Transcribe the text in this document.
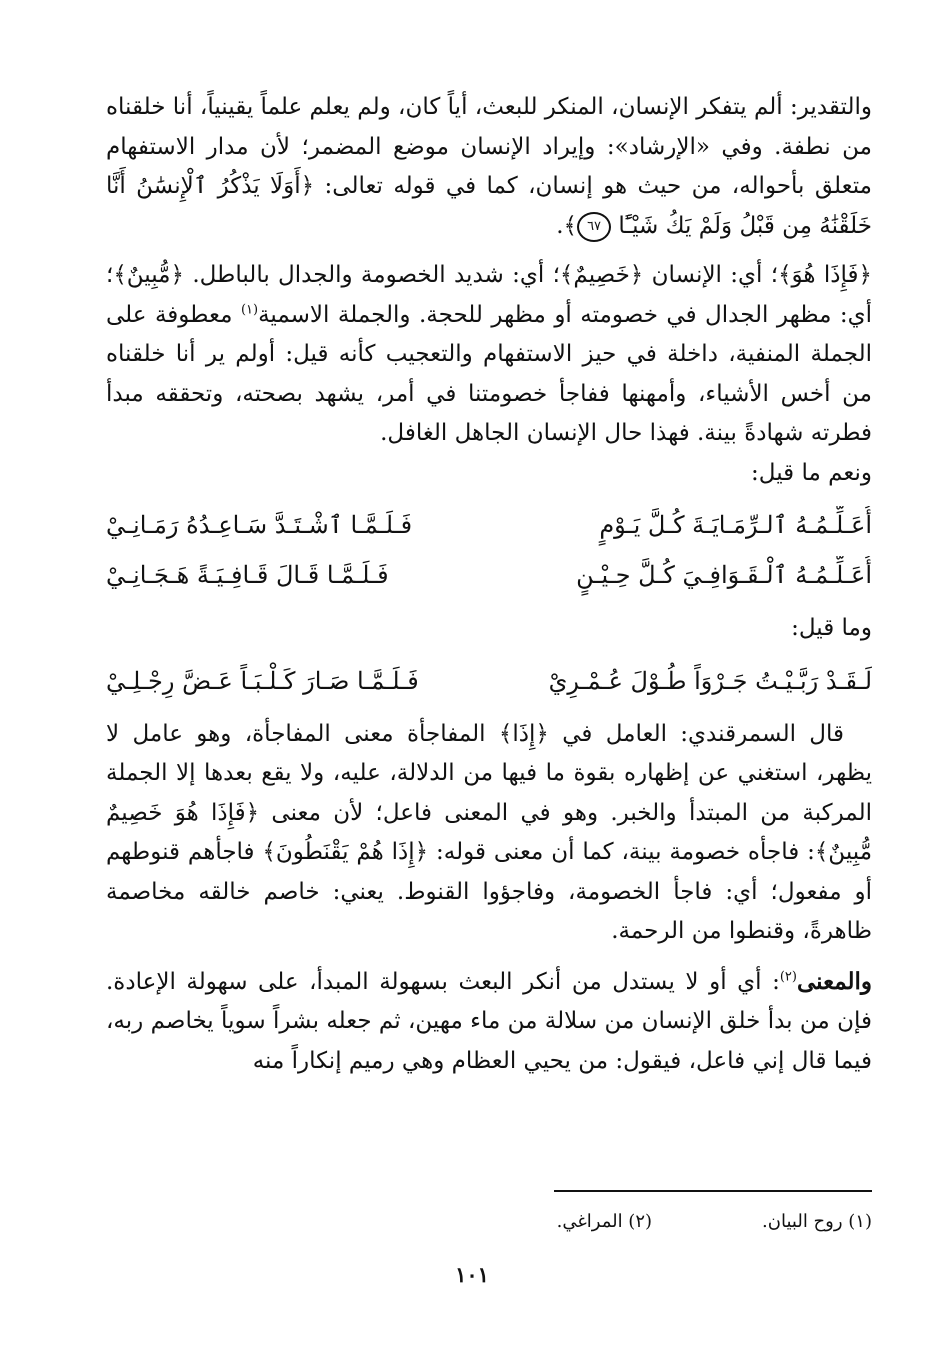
والتقدير: ألم يتفكر الإنسان، المنكر للبعث، أياً كان، ولم يعلم علماً يقينياً، أنا خلقناه من نطفة. وفي «الإرشاد»: وإيراد الإنسان موضع المضمر؛ لأن مدار الاستفهام متعلق بأحواله، من حيث هو إنسان، كما في قوله تعالى: ﴿أَوَلَا يَذْكُرُ ٱلْإِنسَٰنُ أَنَّا خَلَقْنَٰهُ مِن قَبْلُ وَلَمْ يَكُ شَيْـًٔا ٦٧﴾.

﴿فَإِذَا هُوَ﴾؛ أي: الإنسان ﴿خَصِيمٌ﴾؛ أي: شديد الخصومة والجدال بالباطل. ﴿مُّبِينٌ﴾؛ أي: مظهر الجدال في خصومته أو مظهر للحجة. والجملة الاسمية$^{(١)}$ معطوفة على الجملة المنفية، داخلة في حيز الاستفهام والتعجيب كأنه قيل: أولم ير أنا خلقناه من أخس الأشياء، وأمهنها ففاجأ خصومتنا في أمر، يشهد بصحته، وتحققه مبدأ فطرته شهادةً بينة. فهذا حال الإنسان الجاهل الغافل.

ونعم ما قيل:

أُعَـلِّـمُـهُ ٱلـرِّمَـايَـةَ كُـلَّ يَـوْمٍ
فَـلَـمَّـا ٱشْـتَـدَّ سَـاعِـدُهُ رَمَـانِـيْ
أُعَـلِّـمُـهُ ٱلْـقَـوَافِـيَ كُـلَّ حِـيْـنٍ
فَـلَـمَّـا قَـالَ قَـافِـيَـةً هَـجَـانِـيْ

وما قيل:

لَـقَـدْ رَبَّـيْـتُ جَـرْوَاً طُـوْلَ عُـمْـرِيْ
فَـلَـمَّـا صَـارَ كَـلْـبَـاً عَـضَّ رِجْـلِـيْ

قال السمرقندي: العامل في ﴿إِذَا﴾ المفاجأة معنى المفاجأة، وهو عامل لا يظهر، استغني عن إظهاره بقوة ما فيها من الدلالة، عليه، ولا يقع بعدها إلا الجملة المركبة من المبتدأ والخبر. وهو في المعنى فاعل؛ لأن معنى ﴿فَإِذَا هُوَ خَصِيمٌ مُّبِينٌ﴾: فاجأه خصومة بينة، كما أن معنى قوله: ﴿إِذَا هُمْ يَقْنَطُونَ﴾ فاجأهم قنوطهم أو مفعول؛ أي: فاجأ الخصومة، وفاجؤوا القنوط. يعني: خاصم خالقه مخاصمة ظاهرةً، وقنطوا من الرحمة.

والمعنى$^{(٢)}$: أي أو لا يستدل من أنكر البعث بسهولة المبدأ، على سهولة الإعادة. فإن من بدأ خلق الإنسان من سلالة من ماء مهين، ثم جعله بشراً سوياً يخاصم ربه، فيما قال إني فاعل، فيقول: من يحيي العظام وهي رميم إنكاراً منه

(١) روح البيان.
(٢) المراغي.
١٠١
